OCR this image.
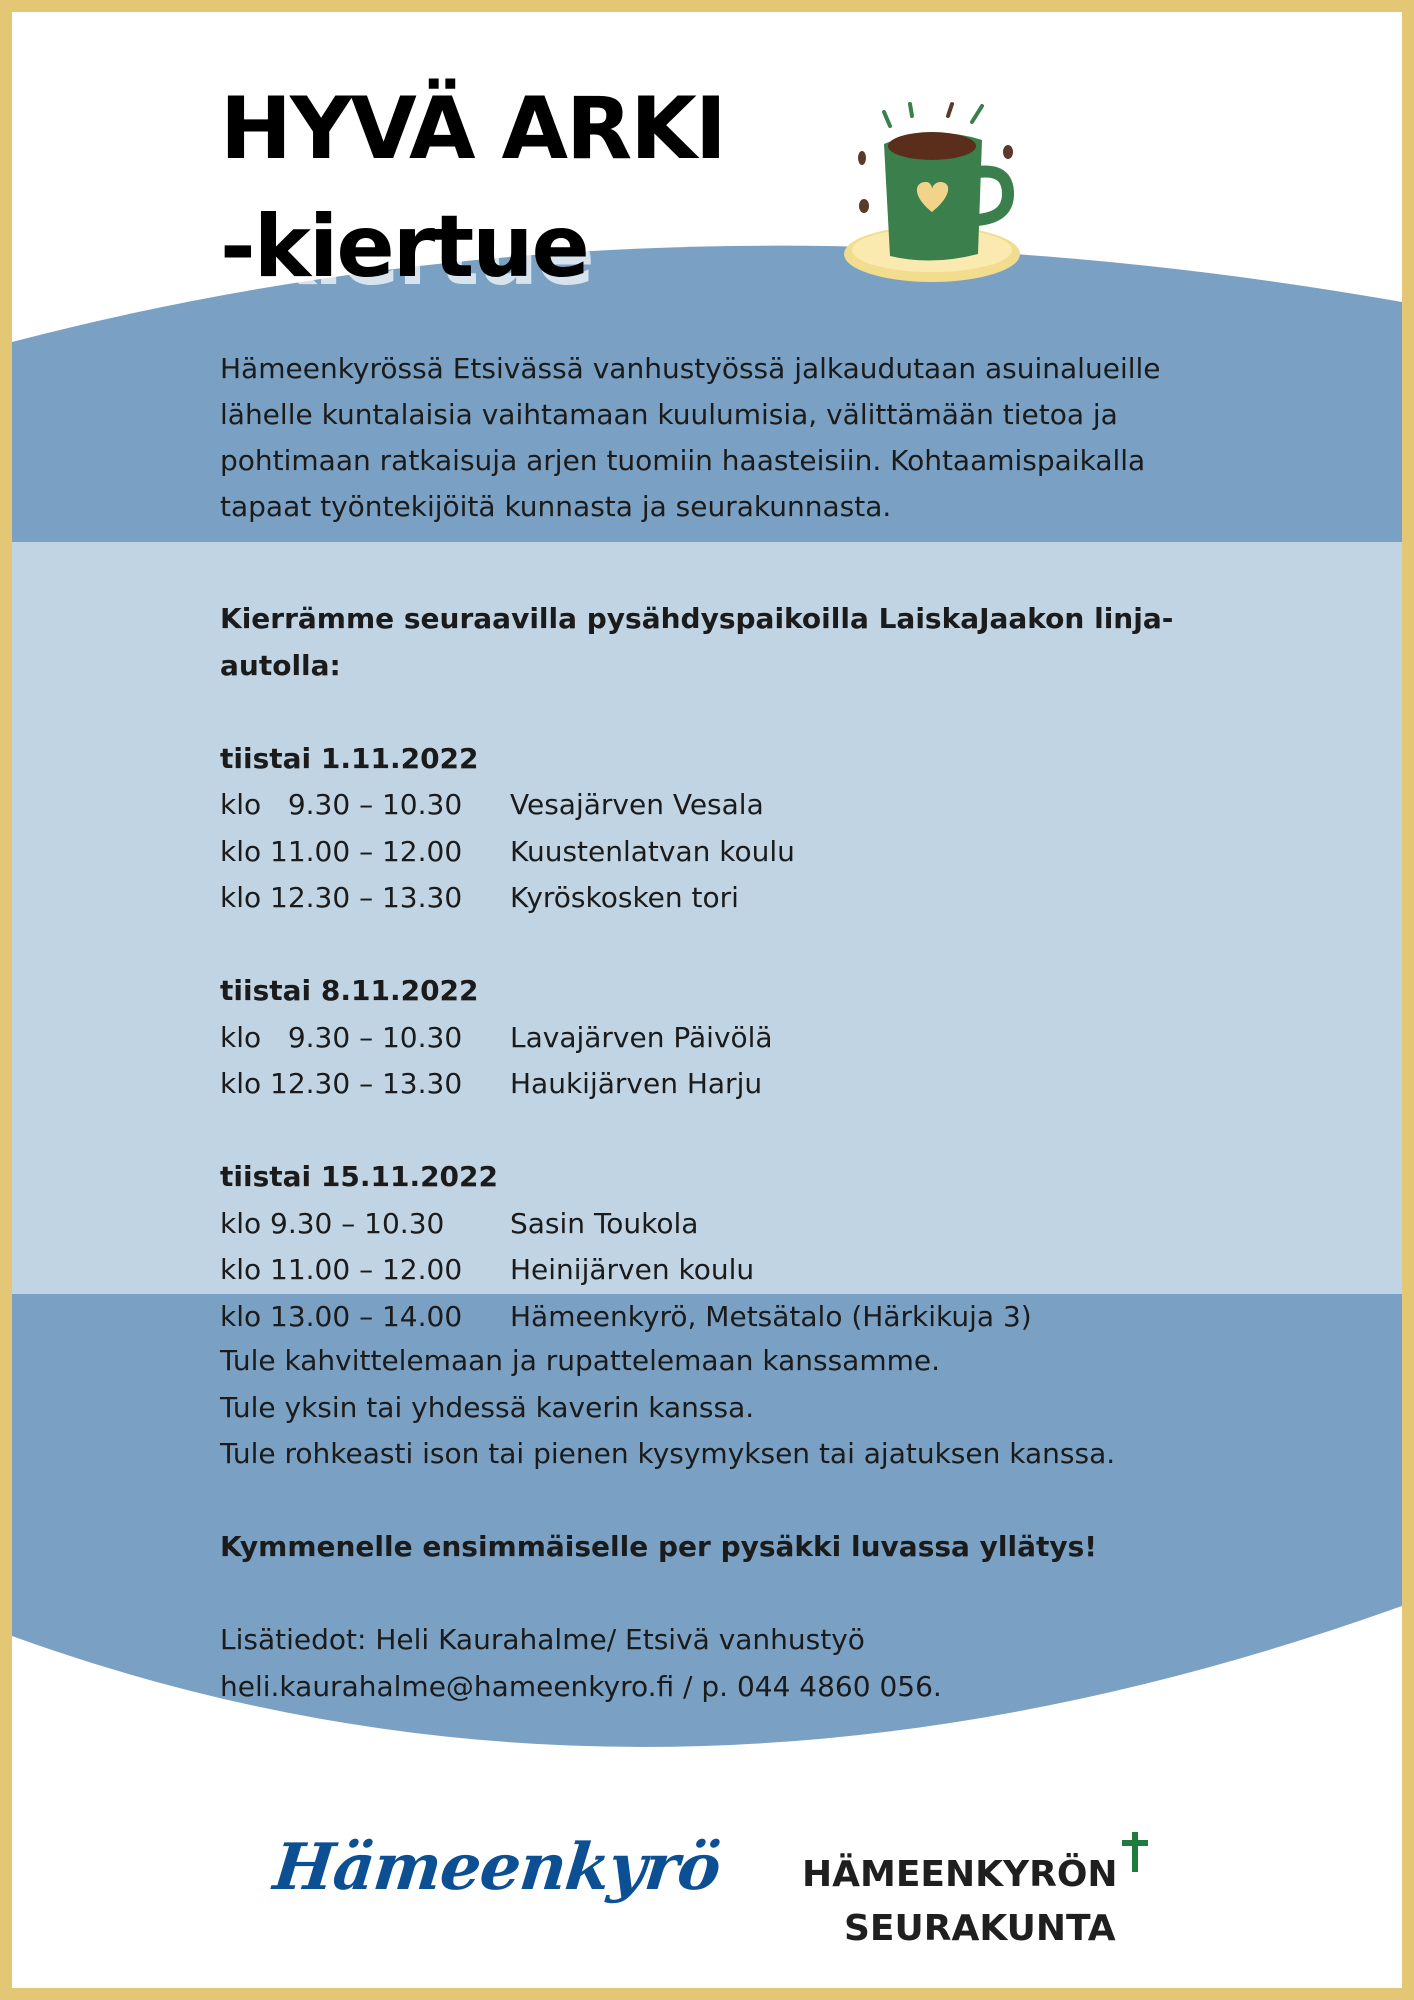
HYVÄ ARKI
-kiertue

Hämeenkyrössä Etsivässä vanhustyössä jalkaudutaan asuinalueille

lähelle kuntalaisia vaihtamaan kuulumisia, välittämään tietoa ja

pohtimaan ratkaisuja arjen tuomiin haasteisiin. Kohtaamispaikalla

tapaat työntekijöitä kunnasta ja seurakunnasta.

Kierrämme seuraavilla pysähdyspaikoilla LaiskaJaakon linja-autolla:
tiistai 1.11.2022
klo   9.30 – 10.30	Vesajärven Vesala
klo 11.00 – 12.00	Kuustenlatvan koulu
klo 12.30 – 13.30	Kyröskosken tori
tiistai 8.11.2022
klo   9.30 – 10.30	Lavajärven Päivölä
klo 12.30 – 13.30	Haukijärven Harju
tiistai 15.11.2022
klo 9.30 – 10.30	Sasin Toukola
klo 11.00 – 12.00	Heinijärven koulu
klo 13.00 – 14.00	Hämeenkyrö, Metsätalo (Härkikuja 3)
Tule kahvittelemaan ja rupattelemaan kanssamme.
Tule yksin tai yhdessä kaverin kanssa.
Tule rohkeasti ison tai pienen kysymyksen tai ajatuksen kanssa.
Kymmenelle ensimmäiselle per pysäkki luvassa yllätys!
Lisätiedot: Heli Kaurahalme/ Etsivä vanhustyö
heli.kaurahalme@hameenkyro.fi / p. 044 4860 056.
Hämeenkyrö HÄMEENKYRÖN
SEURAKUNTA
